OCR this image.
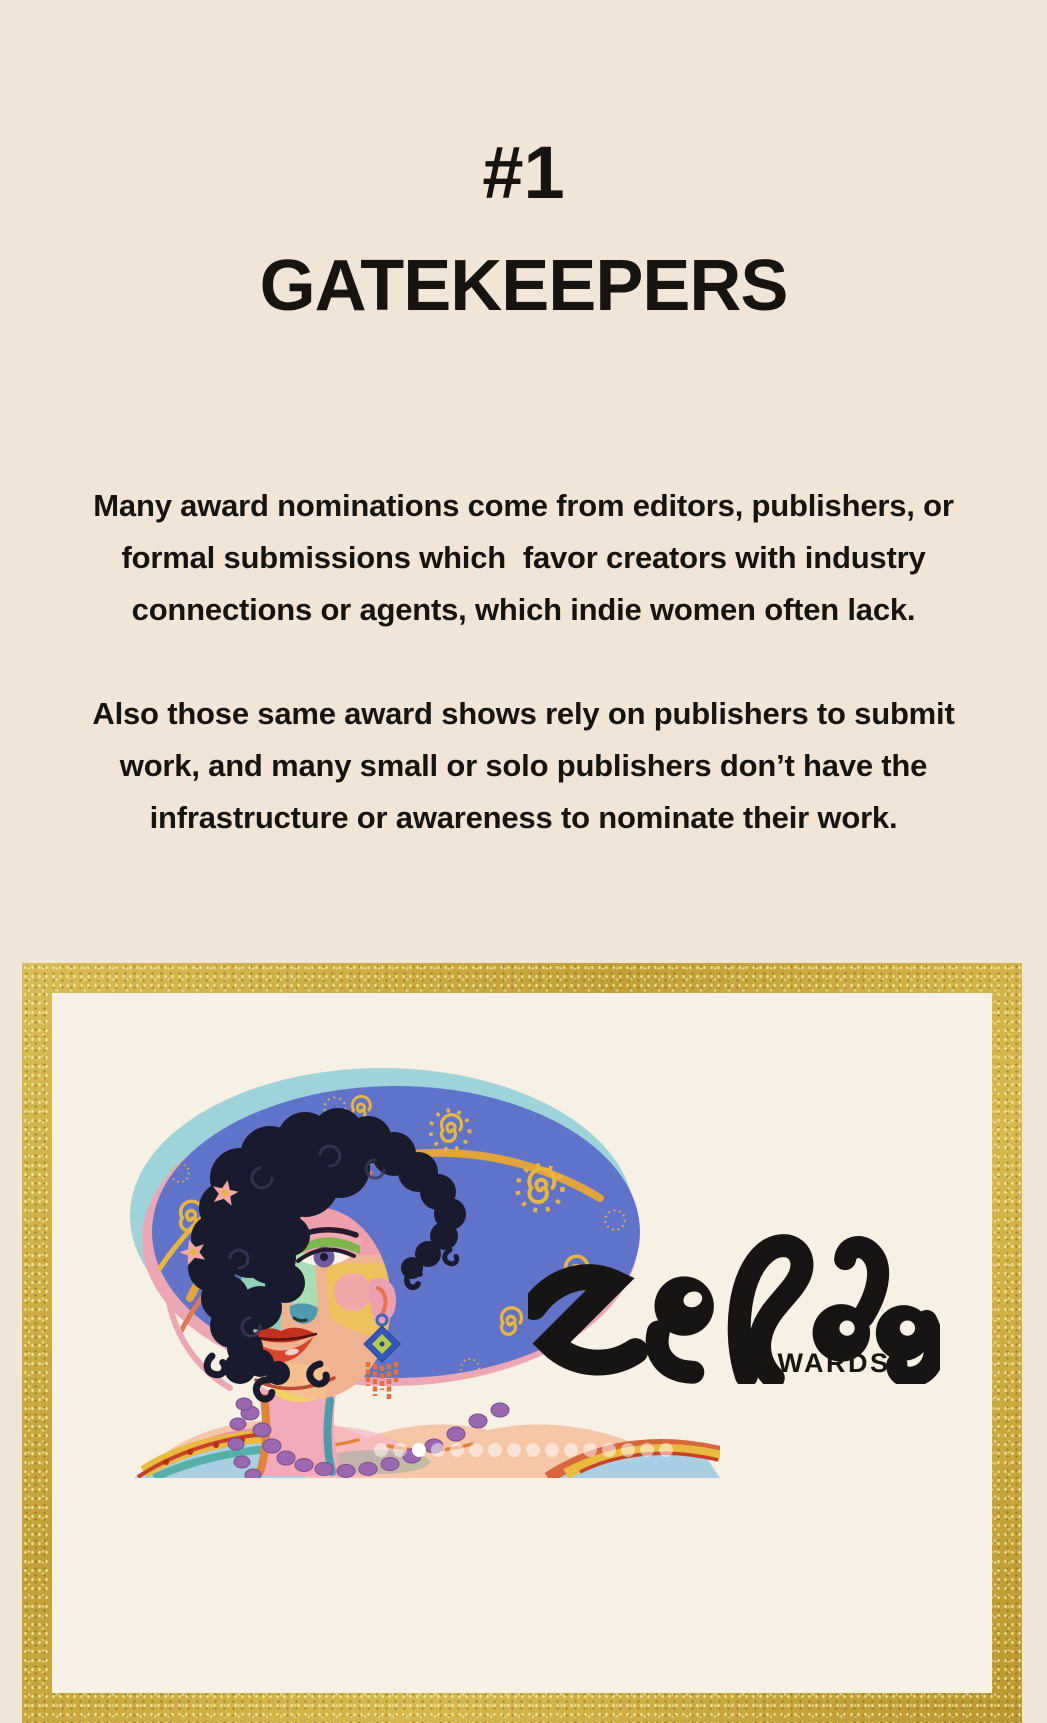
#1
GATEKEEPERS
Many award nominations come from editors, publishers, or
formal submissions which  favor creators with industry
connections or agents, which indie women often lack.
Also those same award shows rely on publishers to submit
work, and many small or solo publishers don’t have the
infrastructure or awareness to nominate their work.
AWARDS
